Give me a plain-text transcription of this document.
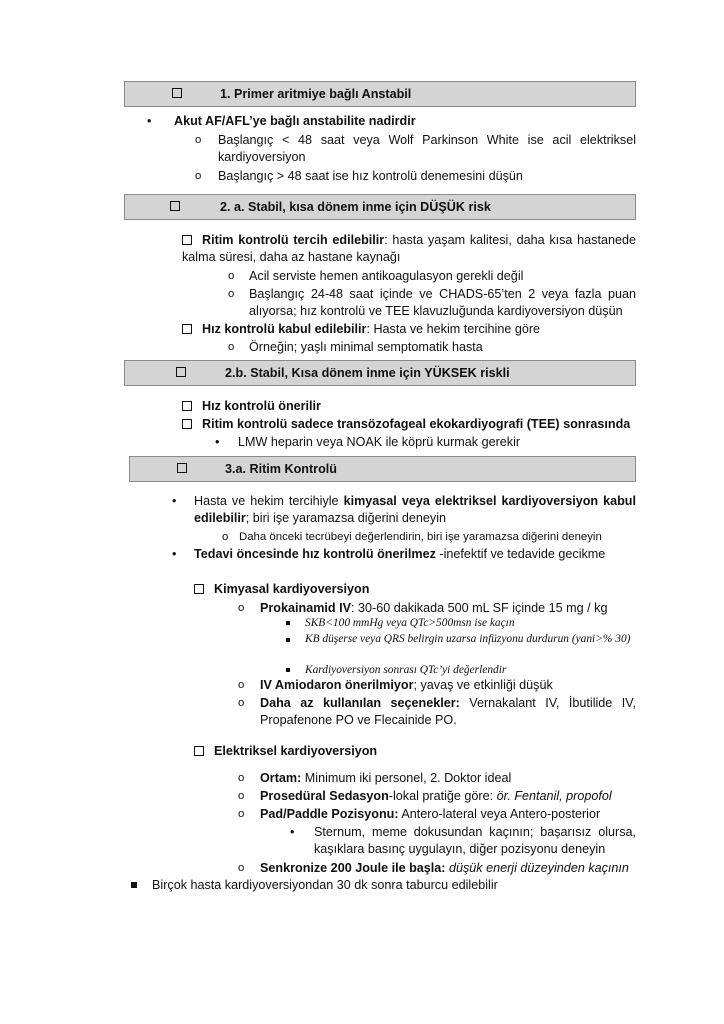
1. Primer aritmiye bağlı Anstabil
• Akut AF/AFL’ye bağlı anstabilite nadirdir
o Başlangıç < 48 saat veya Wolf Parkinson White ise acil elektriksel kardiyoversiyon
o Başlangıç > 48 saat ise hız kontrolü denemesini düşün
2. a. Stabil, kısa dönem inme için DÜŞÜK risk
Ritim kontrolü tercih edilebilir: hasta yaşam kalitesi, daha kısa hastanede kalma süresi, daha az hastane kaynağı
o Acil serviste hemen antikoagulasyon gerekli değil
o Başlangıç 24-48 saat içinde ve CHADS-65’ten 2 veya fazla puan alıyorsa; hız kontrolü ve TEE klavuzluğunda kardiyoversiyon düşün
Hız kontrolü kabul edilebilir: Hasta ve hekim tercihine göre
o Örneğin; yaşlı minimal semptomatik hasta
2.b. Stabil, Kısa dönem inme için YÜKSEK riskli
Hız kontrolü önerilir
Ritim kontrolü sadece transözofageal ekokardiyografi (TEE) sonrasında
• LMW heparin veya NOAK ile köprü kurmak gerekir
3.a. Ritim Kontrolü
• Hasta ve hekim tercihiyle kimyasal veya elektriksel kardiyoversiyon kabul edilebilir; biri işe yaramazsa diğerini deneyin
o Daha önceki tecrübeyi değerlendirin, biri işe yaramazsa diğerini deneyin
• Tedavi öncesinde hız kontrolü önerilmez -inefektif ve tedavide gecikme
Kimyasal kardiyoversiyon
o Prokainamid IV: 30-60 dakikada 500 mL SF içinde 15 mg / kg
SKB<100 mmHg veya QTc>500msn ise kaçın
KB düşerse veya QRS belirgin uzarsa infüzyonu durdurun (yani>% 30)
Kardiyoversiyon sonrası QTc’yi değerlendir
o IV Amiodaron önerilmiyor; yavaş ve etkinliği düşük
o Daha az kullanılan seçenekler: Vernakalant IV, İbutilide IV, Propafenone PO ve Flecainide PO.
Elektriksel kardiyoversiyon
o Ortam: Minimum iki personel, 2. Doktor ideal
o Prosedüral Sedasyon-lokal pratiğe göre: ör. Fentanil, propofol
o Pad/Paddle Pozisyonu: Antero-lateral veya Antero-posterior
• Sternum, meme dokusundan kaçının; başarısız olursa, kaşıklara basınç uygulayın, diğer pozisyonu deneyin
o Senkronize 200 Joule ile başla: düşük enerji düzeyinden kaçının
Birçok hasta kardiyoversiyondan 30 dk sonra taburcu edilebilir
